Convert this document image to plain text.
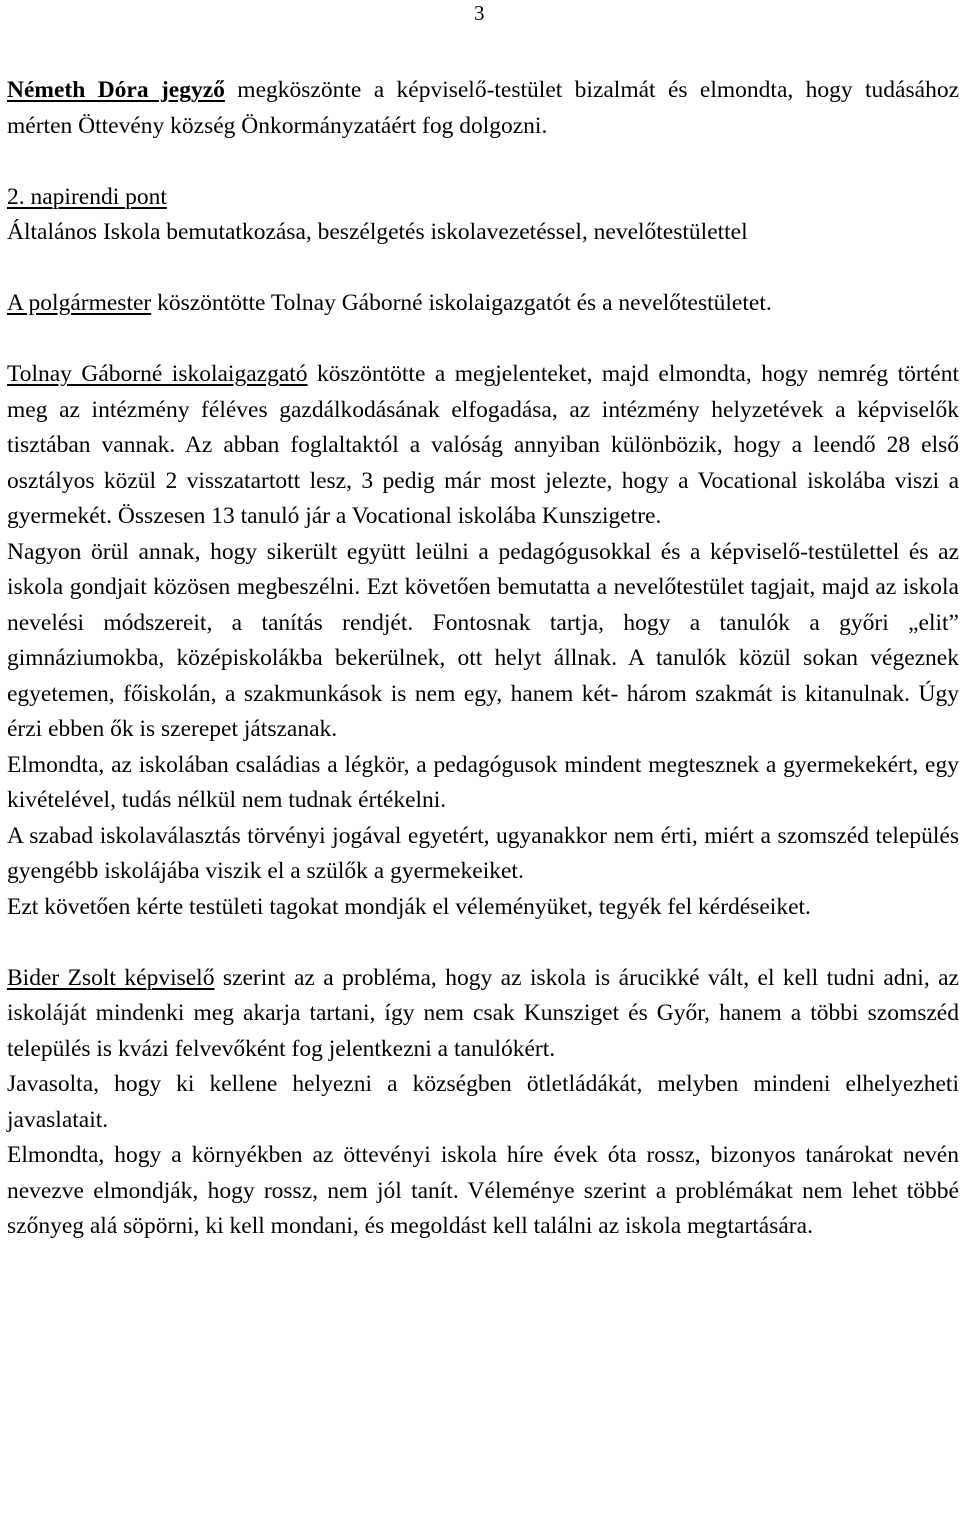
3

Németh Dóra jegyző megköszönte a képviselő-testület bizalmát és elmondta, hogy tudásához mérten Öttevény község Önkormányzatáért fog dolgozni.

2. napirendi pont

Általános Iskola bemutatkozása, beszélgetés iskolavezetéssel, nevelőtestülettel

A polgármester köszöntötte Tolnay Gáborné iskolaigazgatót és a nevelőtestületet.

Tolnay Gáborné iskolaigazgató köszöntötte a megjelenteket, majd elmondta, hogy nemrég történt meg az intézmény féléves gazdálkodásának elfogadása, az intézmény helyzetévek a képviselők tisztában vannak. Az abban foglaltaktól a valóság annyiban különbözik, hogy a leendő 28 első osztályos közül 2 visszatartott lesz, 3 pedig már most jelezte, hogy a Vocational iskolába viszi a gyermekét. Összesen 13 tanuló jár a Vocational iskolába Kunszigetre.

Nagyon örül annak, hogy sikerült együtt leülni a pedagógusokkal és a képviselő-testülettel és az iskola gondjait közösen megbeszélni. Ezt követően bemutatta a nevelőtestület tagjait, majd az iskola nevelési módszereit, a tanítás rendjét. Fontosnak tartja, hogy a tanulók a győri „elit” gimnáziumokba, középiskolákba bekerülnek, ott helyt állnak. A tanulók közül sokan végeznek egyetemen, főiskolán, a szakmunkások is nem egy, hanem két- három szakmát is kitanulnak. Úgy érzi ebben ők is szerepet játszanak.

Elmondta, az iskolában családias a légkör, a pedagógusok mindent megtesznek a gyermekekért, egy kivételével, tudás nélkül nem tudnak értékelni.

A szabad iskolaválasztás törvényi jogával egyetért, ugyanakkor nem érti, miért a szomszéd település gyengébb iskolájába viszik el a szülők a gyermekeiket.

Ezt követően kérte testületi tagokat mondják el véleményüket, tegyék fel kérdéseiket.

Bider Zsolt képviselő szerint az a probléma, hogy az iskola is árucikké vált, el kell tudni adni, az iskoláját mindenki meg akarja tartani, így nem csak Kunsziget és Győr, hanem a többi szomszéd település is kvázi felvevőként fog jelentkezni a tanulókért.

Javasolta, hogy ki kellene helyezni a községben ötletládákát, melyben mindeni elhelyezheti javaslatait.

Elmondta, hogy a környékben az öttevényi iskola híre évek óta rossz, bizonyos tanárokat nevén nevezve elmondják, hogy rossz, nem jól tanít. Véleménye szerint a problémákat nem lehet többé szőnyeg alá söpörni, ki kell mondani, és megoldást kell találni az iskola megtartására.
